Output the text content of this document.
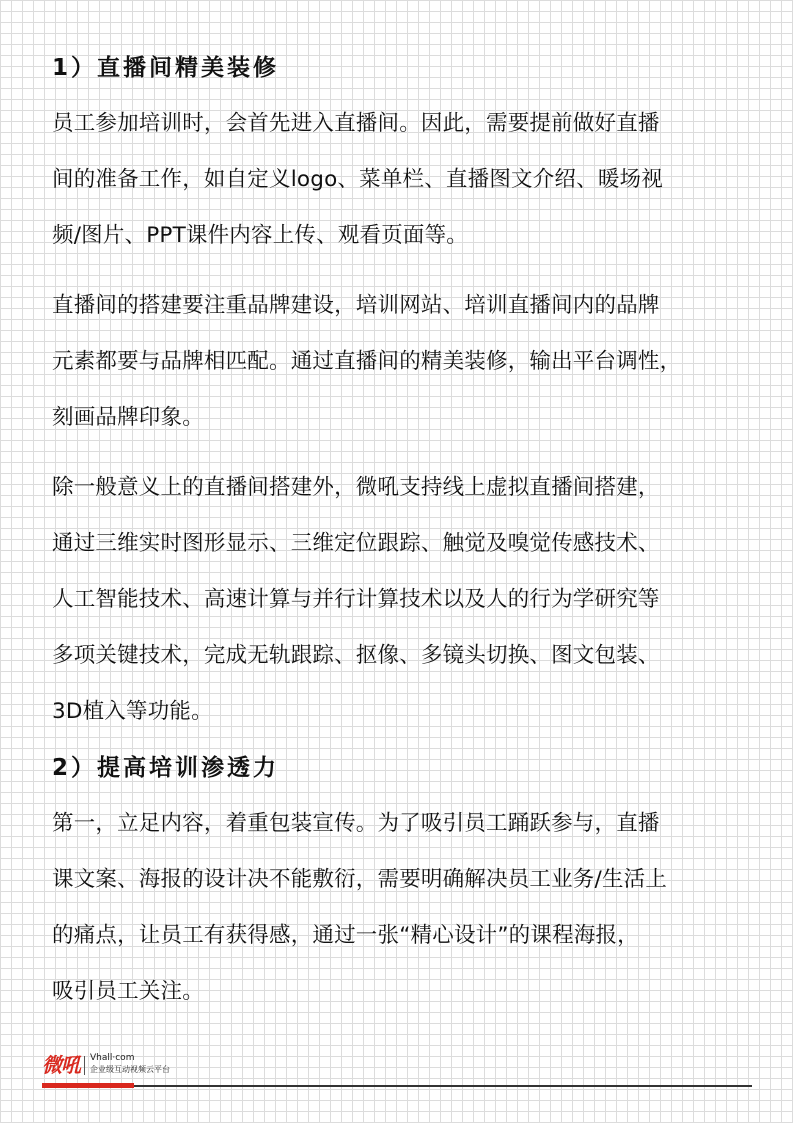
1）直播间精美装修
员工参加培训时，会首先进入直播间。因此，需要提前做好直播
间的准备工作，如自定义logo、菜单栏、直播图文介绍、暖场视
频/图片、PPT课件内容上传、观看页面等。
直播间的搭建要注重品牌建设，培训网站、培训直播间内的品牌
元素都要与品牌相匹配。通过直播间的精美装修，输出平台调性，
刻画品牌印象。
除一般意义上的直播间搭建外，微吼支持线上虚拟直播间搭建，
通过三维实时图形显示、三维定位跟踪、触觉及嗅觉传感技术、
人工智能技术、高速计算与并行计算技术以及人的行为学研究等
多项关键技术，完成无轨跟踪、抠像、多镜头切换、图文包装、
3D植入等功能。
2）提高培训渗透力
第一，立足内容，着重包装宣传。为了吸引员工踊跃参与，直播
课文案、海报的设计决不能敷衍，需要明确解决员工业务/生活上
的痛点，让员工有获得感，通过一张“精心设计”的课程海报，
吸引员工关注。
微吼 Vhall·com
企业级互动视频云平台
